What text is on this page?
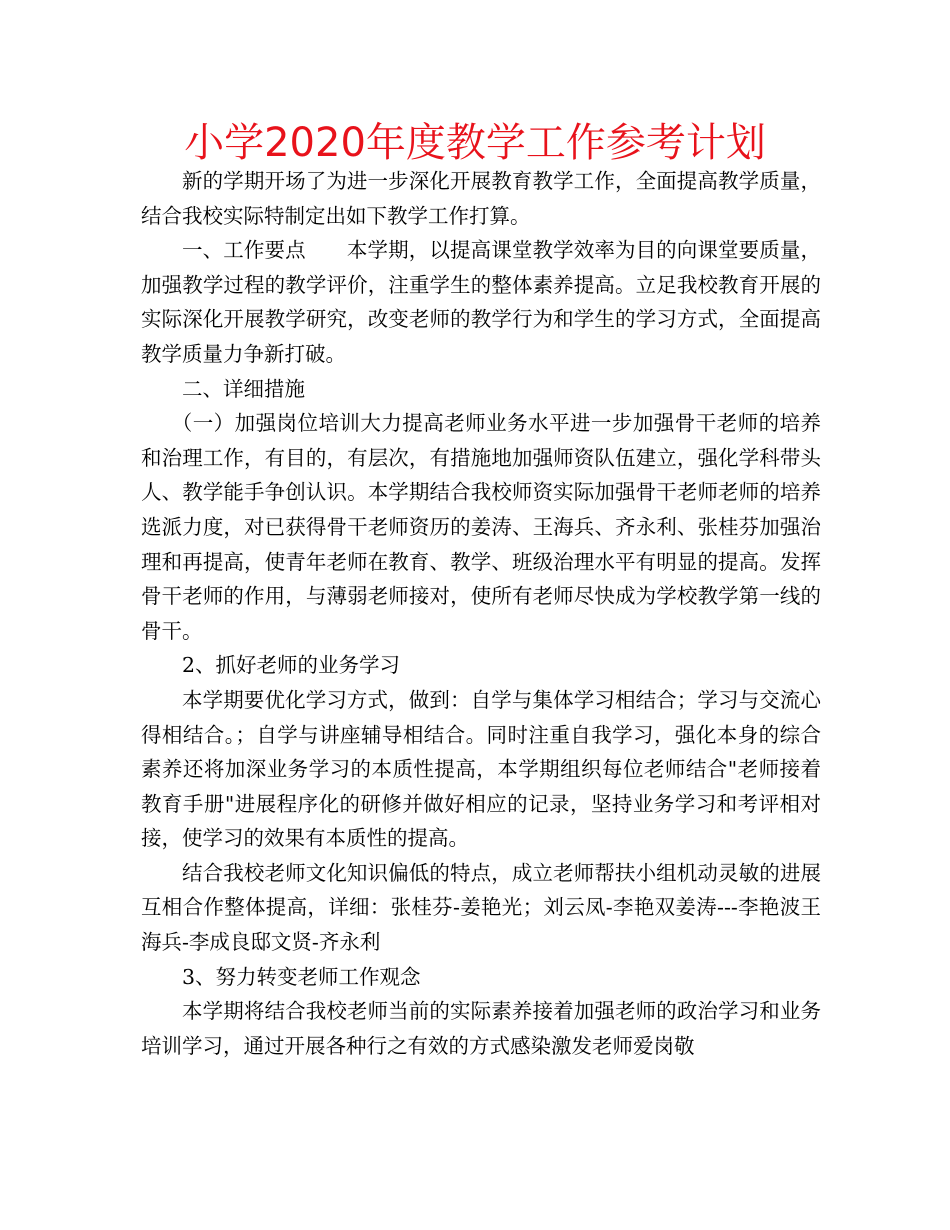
小学2020年度教学工作参考计划

新的学期开场了为进一步深化开展教育教学工作，全面提高教学质量，结合我校实际特制定出如下教学工作打算。

一、工作要点　　本学期，以提高课堂教学效率为目的向课堂要质量，加强教学过程的教学评价，注重学生的整体素养提高。立足我校教育开展的实际深化开展教学研究，改变老师的教学行为和学生的学习方式，全面提高教学质量力争新打破。

二、详细措施

（一）加强岗位培训大力提高老师业务水平进一步加强骨干老师的培养和治理工作，有目的，有层次，有措施地加强师资队伍建立，强化学科带头人、教学能手争创认识。本学期结合我校师资实际加强骨干老师老师的培养选派力度，对已获得骨干老师资历的姜涛、王海兵、齐永利、张桂芬加强治理和再提高，使青年老师在教育、教学、班级治理水平有明显的提高。发挥骨干老师的作用，与薄弱老师接对，使所有老师尽快成为学校教学第一线的骨干。

2、抓好老师的业务学习

本学期要优化学习方式，做到：自学与集体学习相结合；学习与交流心得相结合。；自学与讲座辅导相结合。同时注重自我学习，强化本身的综合素养还将加深业务学习的本质性提高，本学期组织每位老师结合"老师接着教育手册"进展程序化的研修并做好相应的记录，坚持业务学习和考评相对接，使学习的效果有本质性的提高。

结合我校老师文化知识偏低的特点，成立老师帮扶小组机动灵敏的进展互相合作整体提高，详细：张桂芬-姜艳光；刘云凤-李艳双姜涛---李艳波王海兵-李成良邸文贤-齐永利

3、努力转变老师工作观念

本学期将结合我校老师当前的实际素养接着加强老师的政治学习和业务培训学习，通过开展各种行之有效的方式感染激发老师爱岗敬
